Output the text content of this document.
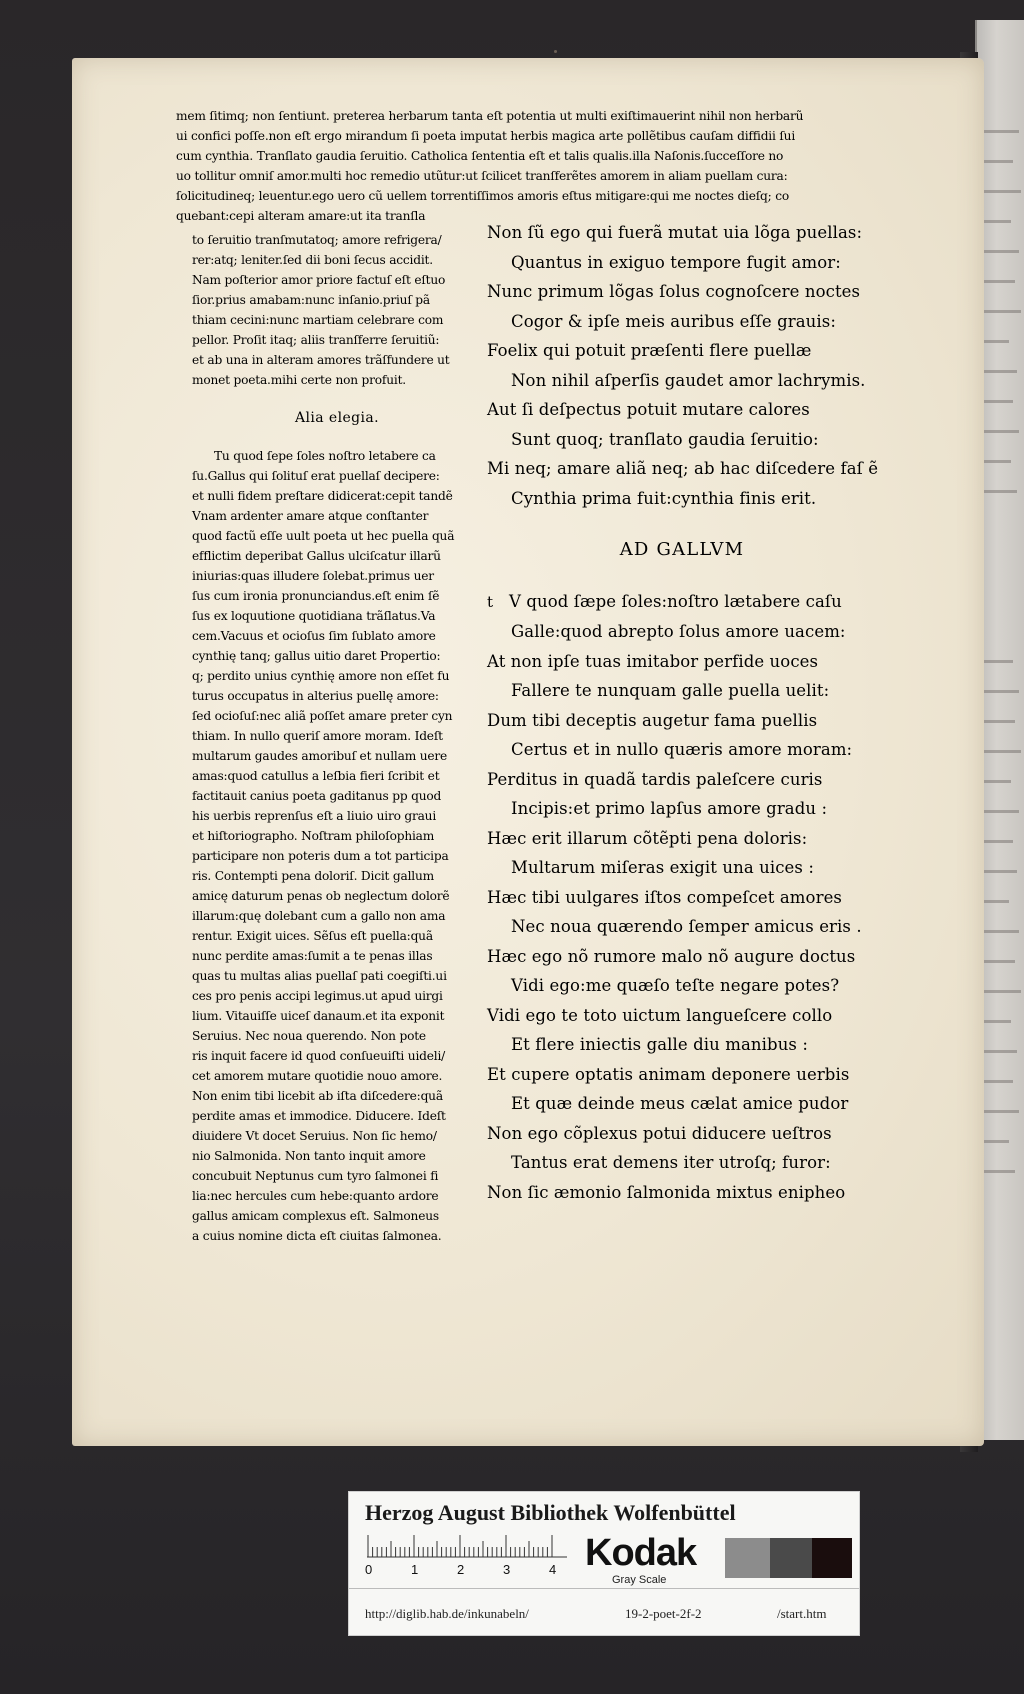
mem ſitimq; non ſentiunt. preterea herbarum tanta eſt potentia ut multi exiſtimauerint nihil non herbarũ

ui confici poſſe.non eſt ergo mirandum ſi poeta imputat herbis magica arte pollẽtibus cauſam diffidii ſui

cum cynthia. Tranſlato gaudia ſeruitio. Catholica ſententia eſt et talis qualis.illa Naſonis.ſucceſſore no

uo tollitur omniſ amor.multi hoc remedio utũtur:ut ſcilicet tranſferẽtes amorem in aliam puellam cura:

ſolicitudineq; leuentur.ego uero cũ uellem torrentiſſimos amoris eſtus mitigare:qui me noctes dieſq; co

quebant:cepi alteram amare:ut ita tranſla

to ſeruitio tranſmutatoq; amore refrigera/

rer:atq; leniter.ſed dii boni ſecus accidit.

Nam poſterior amor priore factuſ eſt eſtuo

ſior.prius amabam:nunc inſanio.priuſ pã

thiam cecini:nunc martiam celebrare com

pellor. Proſit itaq; aliis tranſferre ſeruitiũ:

et ab una in alteram amores trãſfundere ut

monet poeta.mihi certe non profuit.

Alia elegia.

Tu quod ſepe ſoles noſtro letabere ca

ſu.Gallus qui ſolituſ erat puellaſ decipere:

et nulli fidem preſtare didicerat:cepit tandẽ

Vnam ardenter amare atque conſtanter

quod factũ eſſe uult poeta ut hec puella quã

efflictim deperibat Gallus ulciſcatur illarũ

iniurias:quas illudere ſolebat.primus uer

ſus cum ironia pronunciandus.eſt enim ſẽ

ſus ex loquutione quotidiana trãſlatus.Va

cem.Vacuus et ocioſus ſim ſublato amore

cynthię tanq; gallus uitio daret Propertio:

q; perdito unius cynthię amore non eſſet fu

turus occupatus in alterius puellę amore:

ſed ocioſuſ:nec aliã poſſet amare preter cyn

thiam. In nullo queriſ amore moram. Ideſt

multarum gaudes amoribuſ et nullam uere

amas:quod catullus a leſbia fieri ſcribit et

factitauit canius poeta gaditanus pp quod

his uerbis reprenſus eſt a liuio uiro graui

et hiſtoriographo. Noſtram philoſophiam

participare non poteris dum a tot participa

ris. Contempti pena doloriſ. Dicit gallum

amicę daturum penas ob neglectum dolorẽ

illarum:quę dolebant cum a gallo non ama

rentur. Exigit uices. Sẽſus eſt puella:quã

nunc perdite amas:ſumit a te penas illas

quas tu multas alias puellaſ pati coegiſti.ui

ces pro penis accipi legimus.ut apud uirgi

lium. Vitauiſſe uiceſ danaum.et ita exponit

Seruius. Nec noua querendo. Non pote

ris inquit facere id quod conſueuiſti uideli/

cet amorem mutare quotidie nouo amore.

Non enim tibi licebit ab iſta diſcedere:quã

perdite amas et immodice. Diducere. Ideſt

diuidere Vt docet Seruius. Non ſic hemo/

nio Salmonida. Non tanto inquit amore

concubuit Neptunus cum tyro ſalmonei fi

lia:nec hercules cum hebe:quanto ardore

gallus amicam complexus eſt. Salmoneus

a cuius nomine dicta eſt ciuitas ſalmonea.

Non ſũ ego qui fuerã mutat uia lõga puellas:

Quantus in exiguo tempore fugit amor:

Nunc primum lõgas ſolus cognoſcere noctes

Cogor & ipſe meis auribus eſſe grauis:

Foelix qui potuit præſenti flere puellæ

Non nihil aſperſis gaudet amor lachrymis.

Aut ſi deſpectus potuit mutare calores

Sunt quoq; tranſlato gaudia ſeruitio:

Mi neq; amare aliã neq; ab hac diſcedere faſ ẽ

Cynthia prima fuit:cynthia finis erit.

AD GALLVM

t V quod ſæpe ſoles:noſtro lætabere caſu

Galle:quod abrepto ſolus amore uacem:

At non ipſe tuas imitabor perfide uoces

Fallere te nunquam galle puella uelit:

Dum tibi deceptis augetur fama puellis

Certus et in nullo quæris amore moram:

Perditus in quadã tardis paleſcere curis

Incipis:et primo lapſus amore gradu :

Hæc erit illarum cõtẽpti pena doloris:

Multarum miſeras exigit una uices :

Hæc tibi uulgares iſtos compeſcet amores

Nec noua quærendo ſemper amicus eris .

Hæc ego nõ rumore malo nõ augure doctus

Vidi ego:me quæſo teſte negare potes?

Vidi ego te toto uictum langueſcere collo

Et flere iniectis galle diu manibus :

Et cupere optatis animam deponere uerbis

Et quæ deinde meus cælat amice pudor

Non ego cõplexus potui diducere ueſtros

Tantus erat demens iter utroſq; furor:

Non ſic æmonio ſalmonida mixtus enipheo

Herzog August Bibliothek Wolfenbüttel
0	1	2	3	4 Kodak
Gray Scale
http://diglib.hab.de/inkunabeln/	19-2-poet-2f-2	/start.htm
